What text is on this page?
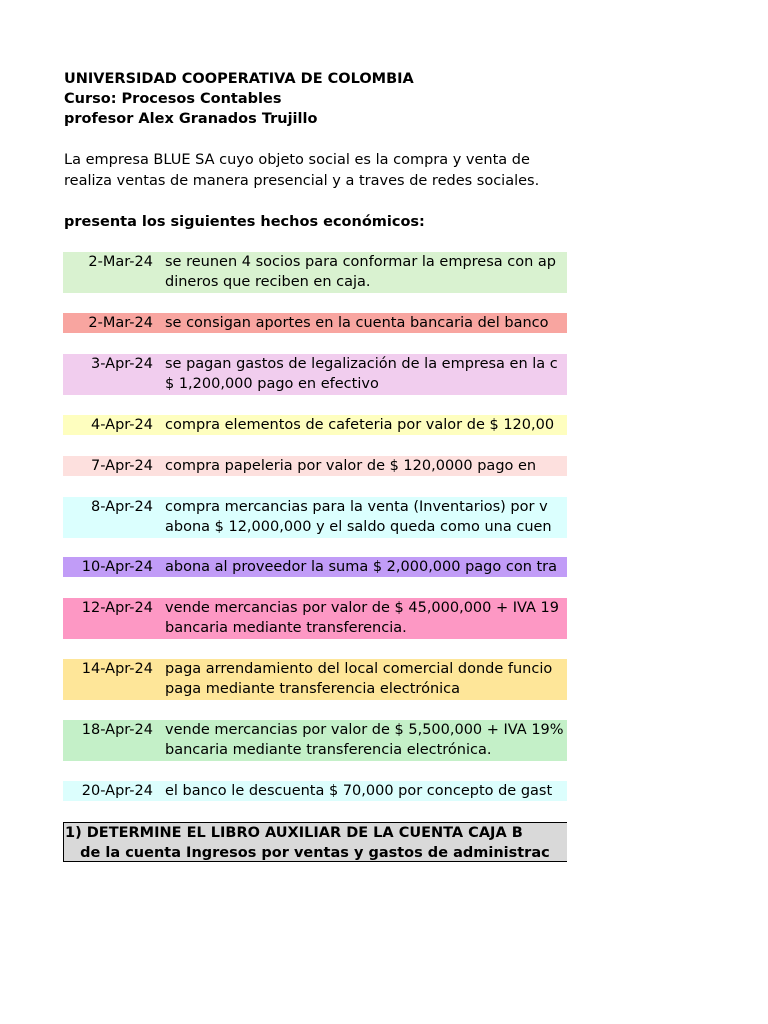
UNIVERSIDAD COOPERATIVA DE COLOMBIA
Curso: Procesos Contables
profesor Alex Granados Trujillo
La empresa BLUE SA cuyo objeto social es la compra y venta de
realiza ventas de manera presencial y a traves de redes sociales.
presenta los siguientes hechos económicos:
2-Mar-24 se reunen 4 socios para conformar la empresa con ap
dineros que reciben en caja.
2-Mar-24 se consigan aportes en la cuenta bancaria del banco
3-Apr-24 se pagan gastos de legalización de la empresa en la c
$ 1,200,000 pago en efectivo
4-Apr-24 compra elementos de cafeteria por valor de $ 120,00
7-Apr-24 compra papeleria por valor de $ 120,0000 pago en
8-Apr-24 compra mercancias para la venta (Inventarios) por v
abona $ 12,000,000 y el saldo queda como una cuen
10-Apr-24 abona al proveedor la suma $ 2,000,000 pago con tra
12-Apr-24 vende mercancias por valor de $ 45,000,000 + IVA 19
bancaria mediante transferencia.
14-Apr-24 paga arrendamiento del local comercial donde funcio
paga mediante transferencia electrónica
18-Apr-24 vende mercancias por valor de $ 5,500,000 + IVA 19%
bancaria mediante transferencia electrónica.
20-Apr-24 el banco le descuenta $ 70,000 por concepto de gast
1) DETERMINE EL LIBRO AUXILIAR DE LA CUENTA CAJA B
de la cuenta Ingresos por ventas y gastos de administrac
